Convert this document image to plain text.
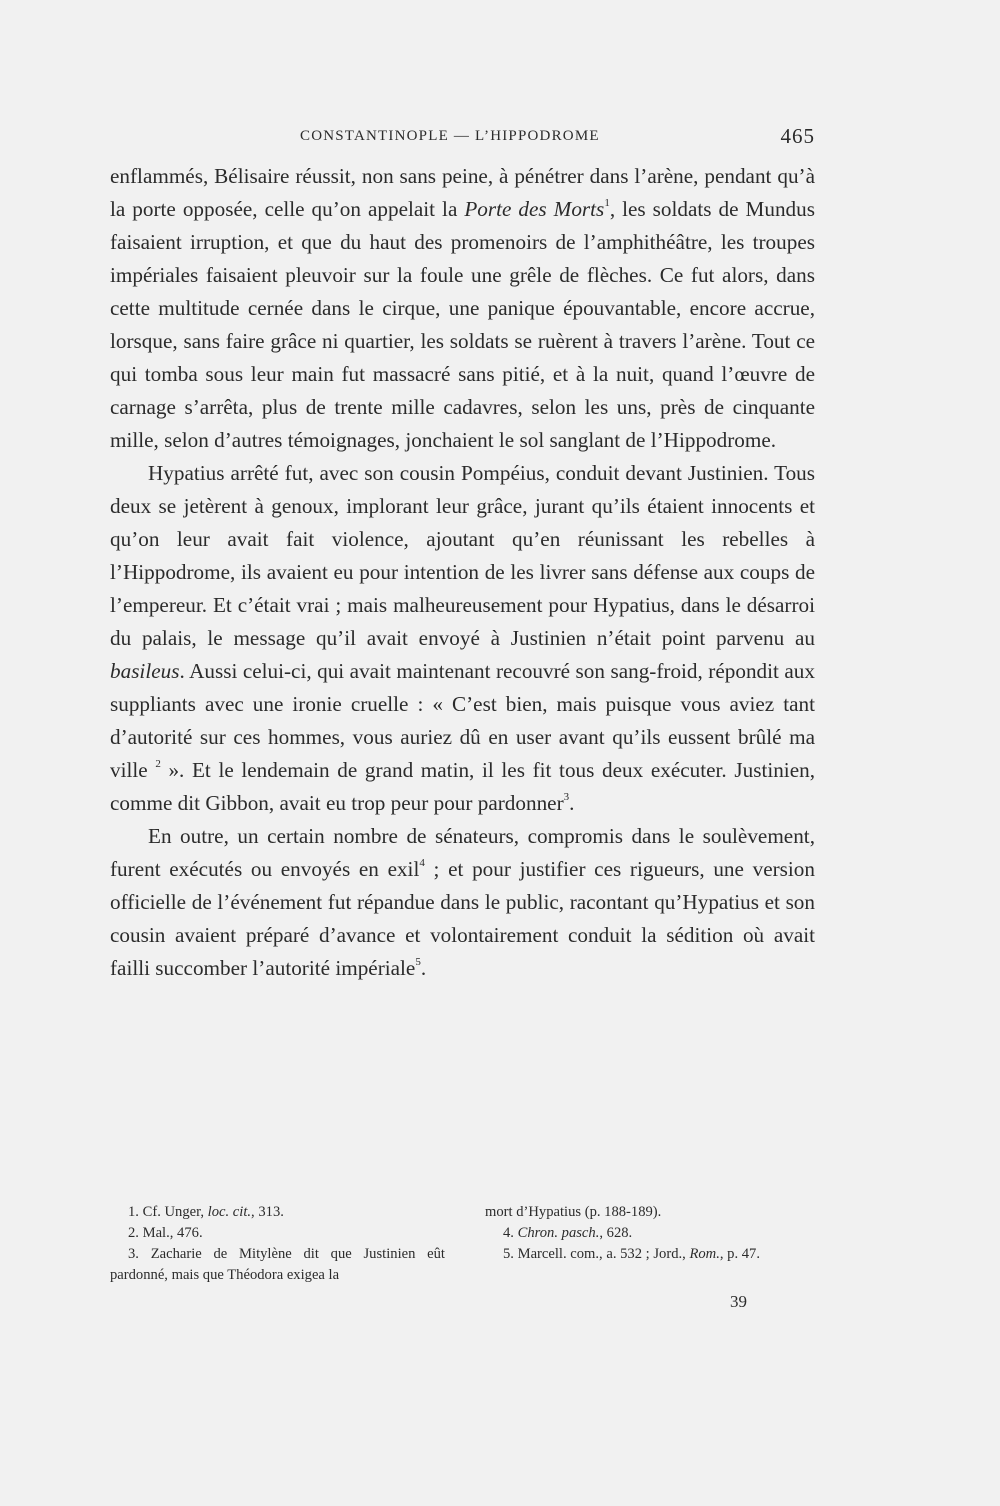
CONSTANTINOPLE — L’HIPPODROME	465

enflammés, Bélisaire réussit, non sans peine, à pénétrer dans l’arène, pendant qu’à la porte opposée, celle qu’on appelait la Porte des Morts$^1$, les soldats de Mundus faisaient irruption, et que du haut des promenoirs de l’amphithéâtre, les troupes impériales faisaient pleuvoir sur la foule une grêle de flèches. Ce fut alors, dans cette multitude cernée dans le cirque, une panique épouvantable, encore accrue, lorsque, sans faire grâce ni quartier, les soldats se ruèrent à travers l’arène. Tout ce qui tomba sous leur main fut massacré sans pitié, et à la nuit, quand l’œuvre de carnage s’arrêta, plus de trente mille cadavres, selon les uns, près de cinquante mille, selon d’autres témoignages, jonchaient le sol sanglant de l’Hippodrome.

Hypatius arrêté fut, avec son cousin Pompéius, conduit devant Justinien. Tous deux se jetèrent à genoux, implorant leur grâce, jurant qu’ils étaient innocents et qu’on leur avait fait violence, ajoutant qu’en réunissant les rebelles à l’Hippodrome, ils avaient eu pour intention de les livrer sans défense aux coups de l’empereur. Et c’était vrai ; mais malheureusement pour Hypatius, dans le désarroi du palais, le message qu’il avait envoyé à Justinien n’était point parvenu au basileus. Aussi celui-ci, qui avait maintenant recouvré son sang-froid, répondit aux suppliants avec une ironie cruelle : « C’est bien, mais puisque vous aviez tant d’autorité sur ces hommes, vous auriez dû en user avant qu’ils eussent brûlé ma ville $^2$ ». Et le lendemain de grand matin, il les fit tous deux exécuter. Justinien, comme dit Gibbon, avait eu trop peur pour pardonner$^3$.

En outre, un certain nombre de sénateurs, compromis dans le soulèvement, furent exécutés ou envoyés en exil$^4$ ; et pour justifier ces rigueurs, une version officielle de l’événement fut répandue dans le public, racontant qu’Hypatius et son cousin avaient préparé d’avance et volontairement conduit la sédition où avait failli succomber l’autorité impériale$^5$.

1. Cf. Unger, loc. cit., 313.

2. Mal., 476.

3. Zacharie de Mitylène dit que Justinien eût pardonné, mais que Théodora exigea la

mort d’Hypatius (p. 188-189).

4. Chron. pasch., 628.

5. Marcell. com., a. 532 ; Jord., Rom., p. 47.

39
